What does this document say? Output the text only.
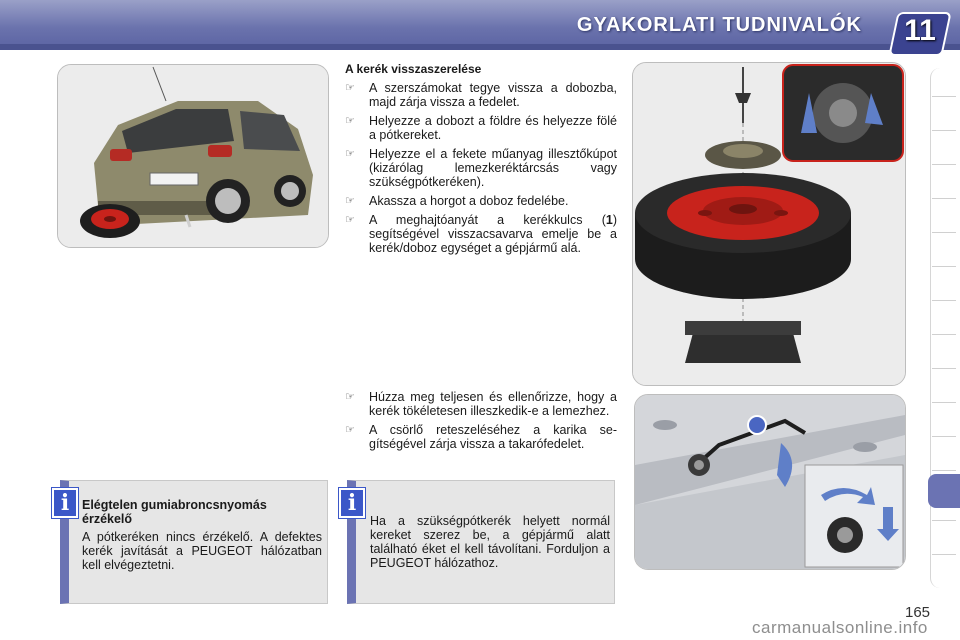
GYAKORLATI TUDNIVALÓK 11
A kerék visszaszerelése
☞ A szerszámokat tegye vissza a dobozba, majd zárja vissza a fedelet.
☞ Helyezze a dobozt a földre és helyezze fölé a pótkereket.
☞ Helyezze el a fekete műanyag illesztőkúpot (kizárólag lemezkeréktárcsás vagy szükségpótkeréken).
☞ Akassza a horgot a doboz fedelébe.
☞ A meghajtóanyát a kerékkulcs (1) segítségével visszacsavarva emelje be a kerék/doboz egységet a gépjármű alá.
☞ Húzza meg teljesen és ellenőrizze, hogy a kerék tökéletesen illeszkedik-e a lemezhez.
☞ A csörlő reteszeléséhez a karika segítségével zárja vissza a takarófedelet.
i	Elégtelen gumiabroncsnyomás érzékelő
A pótkeréken nincs érzékelő. A defektes kerék javítását a PEUGEOT hálózatban kell elvégeztetni.
i
Ha a szükségpótkerék helyett normál kereket szerez be, a gépjármű alatt található éket el kell távolítani. Forduljon a PEUGEOT hálózathoz.
165
carmanualsonline.info
